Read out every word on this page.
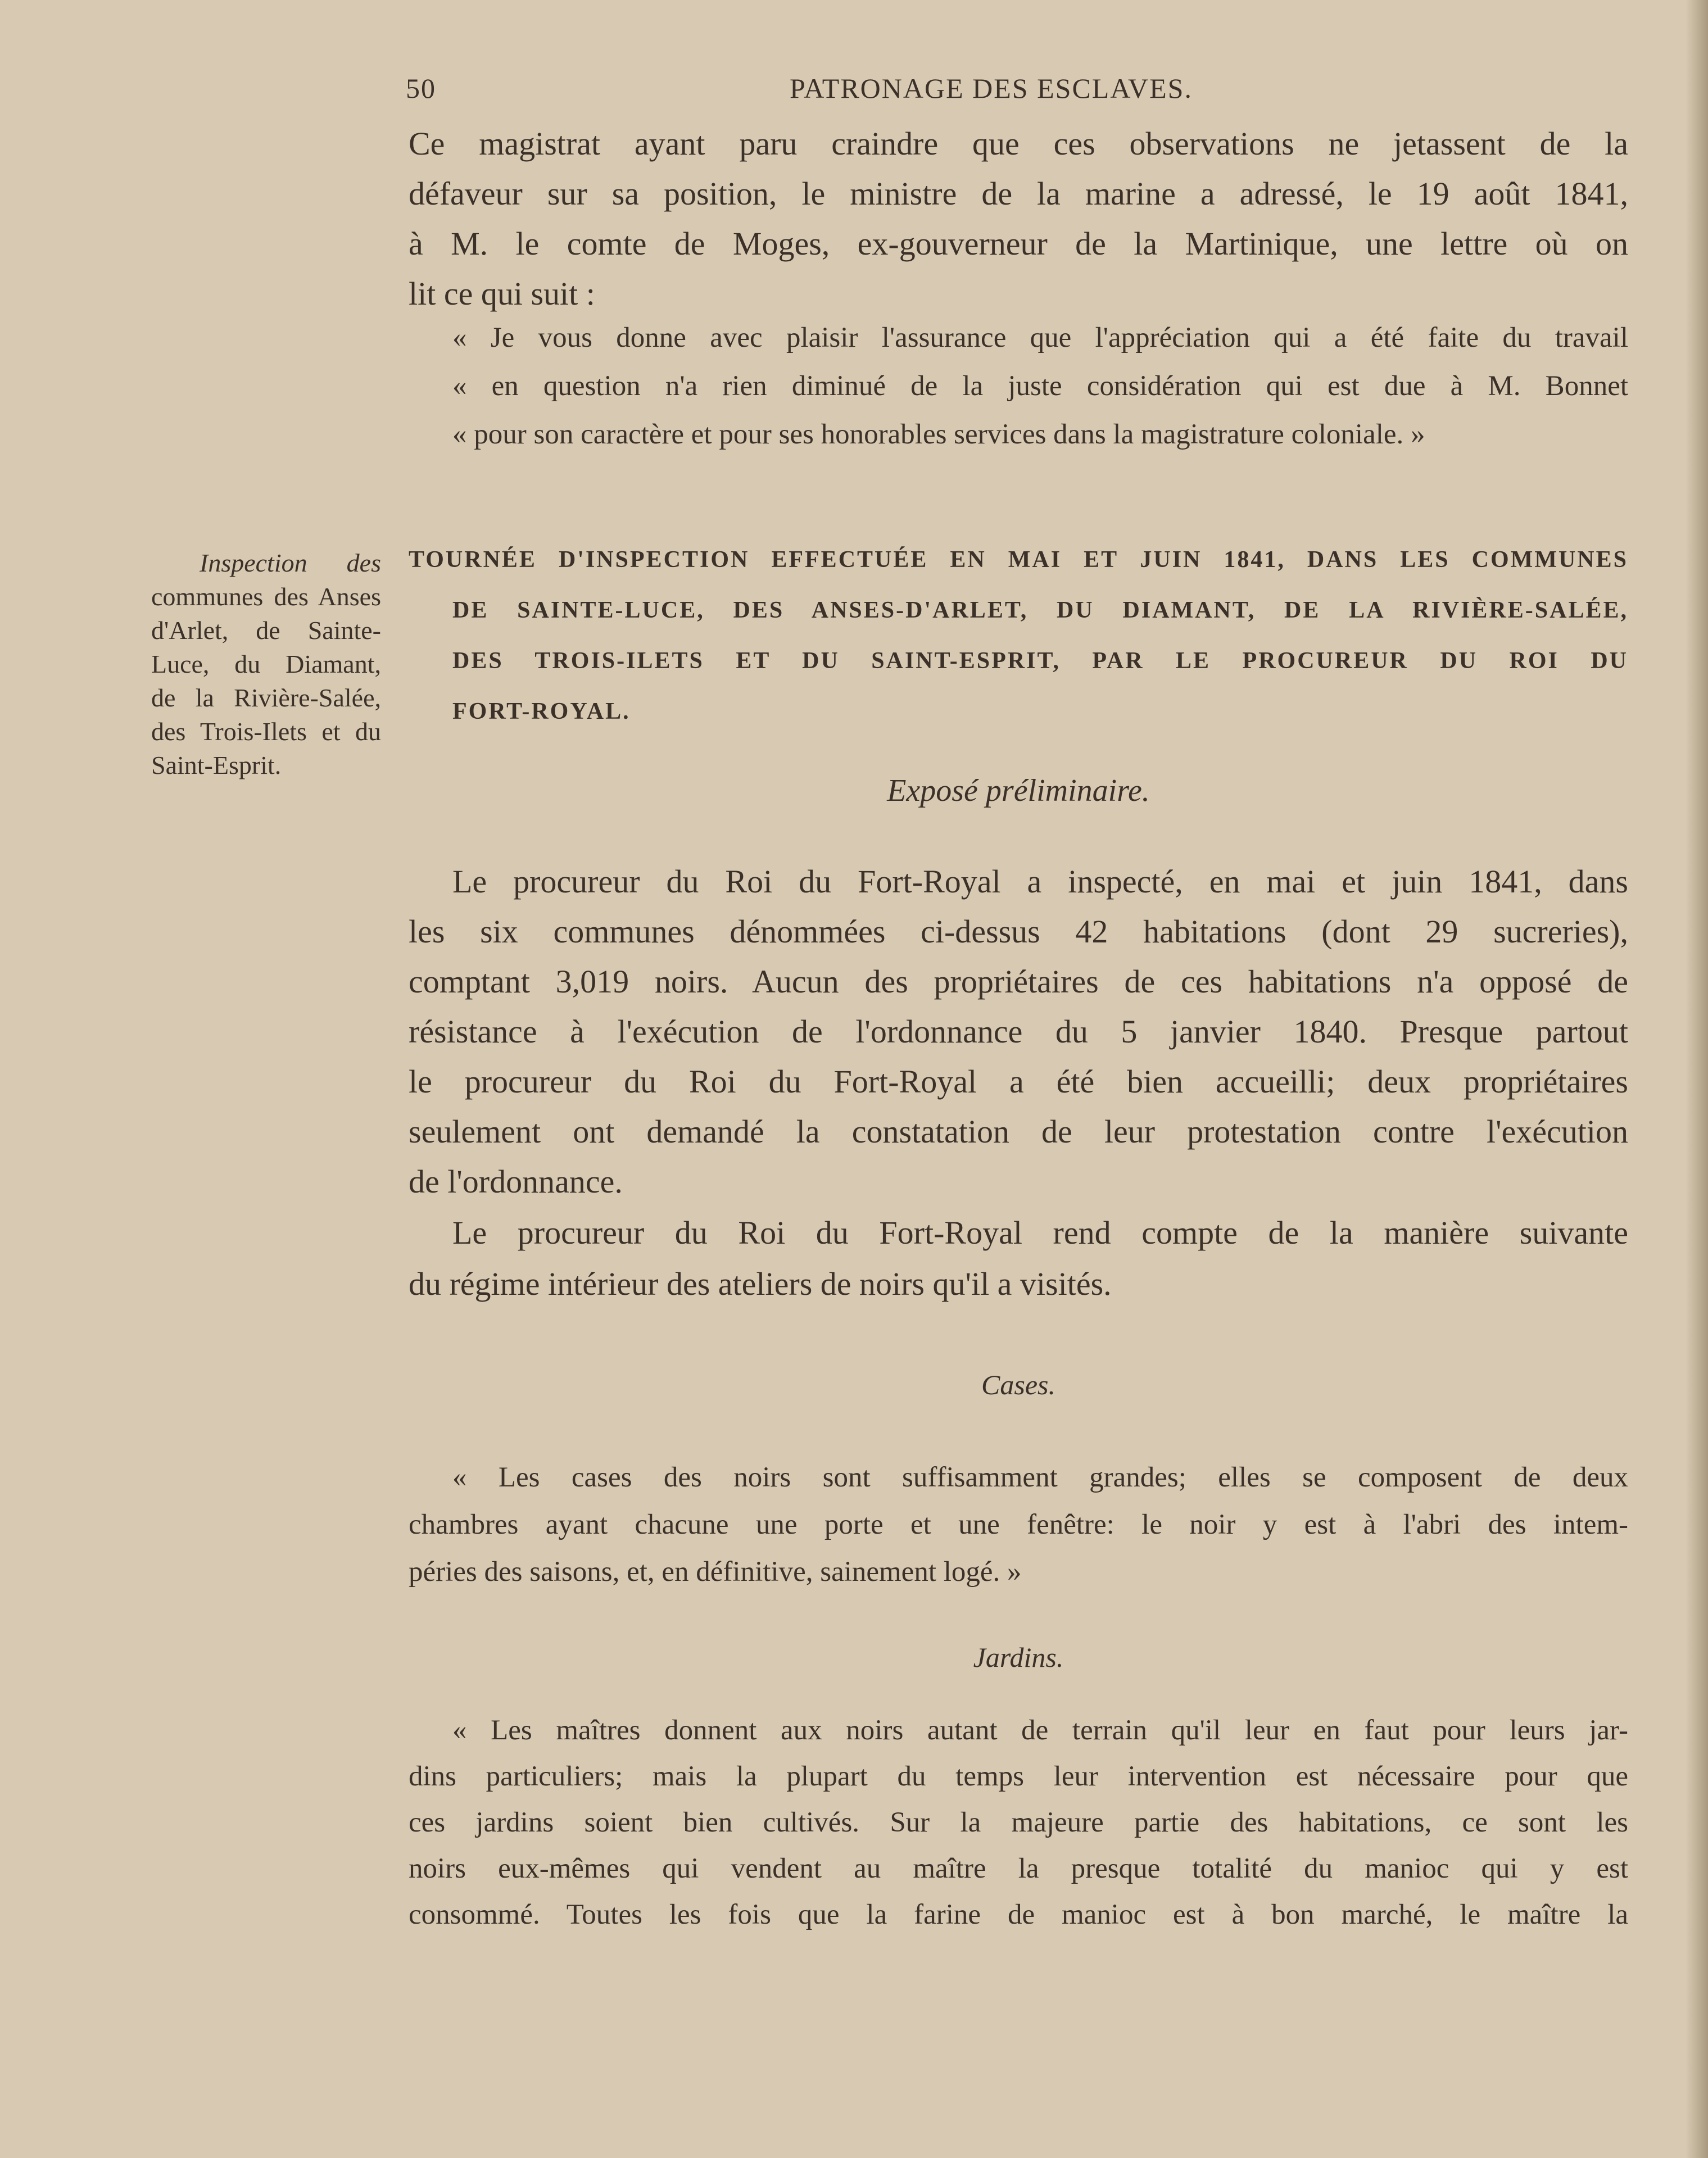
50	PATRONAGE DES ESCLAVES.
Ce magistrat ayant paru craindre que ces observations ne jetassent de la
défaveur sur sa position, le ministre de la marine a adressé, le 19 août 1841,
à M. le comte de Moges, ex-gouverneur de la Martinique, une lettre où on
lit ce qui suit :
« Je vous donne avec plaisir l'assurance que l'appréciation qui a été faite du travail
« en question n'a rien diminué de la juste considération qui est due à M. Bonnet
« pour son caractère et pour ses honorables services dans la magistrature coloniale. »
TOURNÉE D'INSPECTION EFFECTUÉE EN MAI ET JUIN 1841, DANS LES COMMUNES
DE SAINTE-LUCE, DES ANSES-D'ARLET, DU DIAMANT, DE LA RIVIÈRE-SALÉE,
DES TROIS-ILETS ET DU SAINT-ESPRIT, PAR LE PROCUREUR DU ROI DU
FORT-ROYAL.
Inspection des
communes des Anses
d'Arlet, de Sainte-
Luce, du Diamant,
de la Rivière-Salée,
des Trois-Ilets et du
Saint-Esprit.
Exposé préliminaire.
Le procureur du Roi du Fort-Royal a inspecté, en mai et juin 1841, dans
les six communes dénommées ci-dessus 42 habitations (dont 29 sucreries),
comptant 3,019 noirs. Aucun des propriétaires de ces habitations n'a opposé de
résistance à l'exécution de l'ordonnance du 5 janvier 1840. Presque partout
le procureur du Roi du Fort-Royal a été bien accueilli; deux propriétaires
seulement ont demandé la constatation de leur protestation contre l'exécution
de l'ordonnance.
Le procureur du Roi du Fort-Royal rend compte de la manière suivante
du régime intérieur des ateliers de noirs qu'il a visités.
Cases.
« Les cases des noirs sont suffisamment grandes; elles se composent de deux
chambres ayant chacune une porte et une fenêtre: le noir y est à l'abri des intem-
péries des saisons, et, en définitive, sainement logé. »
Jardins.
« Les maîtres donnent aux noirs autant de terrain qu'il leur en faut pour leurs jar-
dins particuliers; mais la plupart du temps leur intervention est nécessaire pour que
ces jardins soient bien cultivés. Sur la majeure partie des habitations, ce sont les
noirs eux-mêmes qui vendent au maître la presque totalité du manioc qui y est
consommé. Toutes les fois que la farine de manioc est à bon marché, le maître la
